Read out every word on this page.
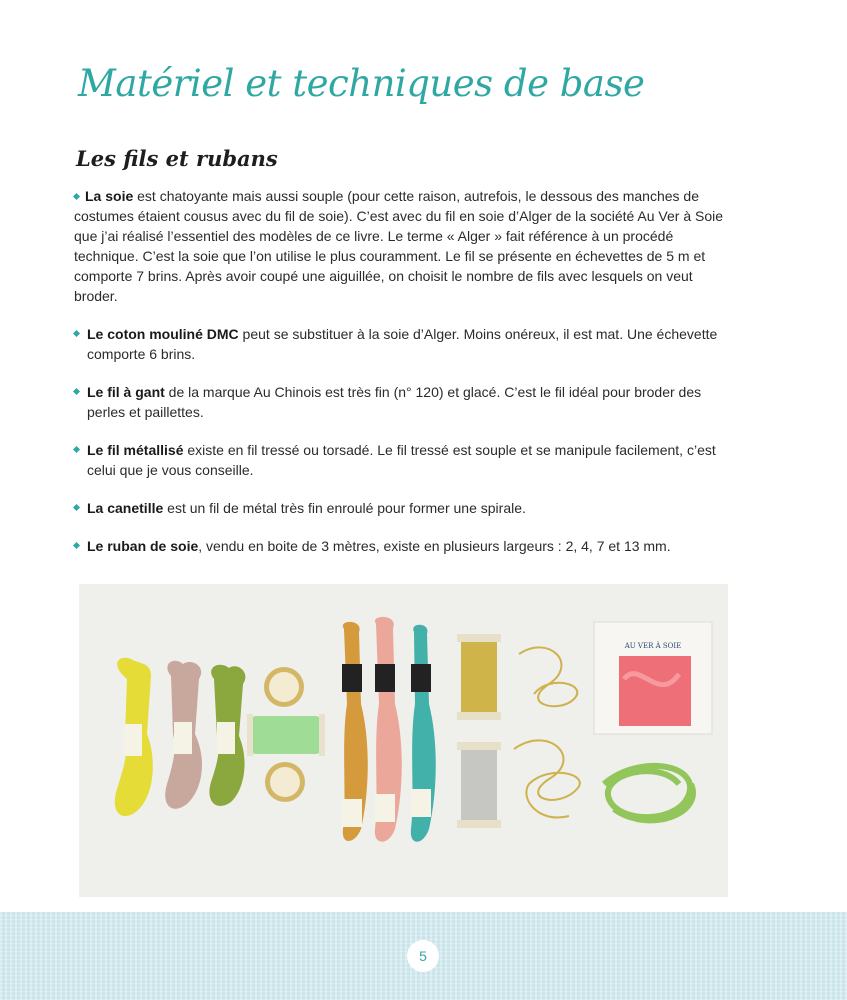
Matériel et techniques de base
Les fils et rubans

La soie est chatoyante mais aussi souple (pour cette raison, autrefois, le dessous des manches de costumes étaient cousus avec du fil de soie). C’est avec du fil en soie d’Alger de la société Au Ver à Soie que j’ai réalisé l’essentiel des modèles de ce livre. Le terme « Alger » fait référence à un procédé technique. C’est la soie que l’on utilise le plus couramment. Le fil se présente en échevettes de 5 m et comporte 7 brins. Après avoir coupé une aiguillée, on choisit le nombre de fils avec lesquels on veut broder.

Le coton mouliné DMC peut se substituer à la soie d’Alger. Moins onéreux, il est mat. Une échevette comporte 6 brins.

Le fil à gant de la marque Au Chinois est très fin (n° 120) et glacé. C’est le fil idéal pour broder des perles et paillettes.

Le fil métallisé existe en fil tressé ou torsadé. Le fil tressé est souple et se manipule facilement, c’est celui que je vous conseille.

La canetille est un fil de métal très fin enroulé pour former une spirale.

Le ruban de soie, vendu en boite de 3 mètres, existe en plusieurs largeurs : 2, 4, 7 et 13 mm.

AU VER À SOIE
5
